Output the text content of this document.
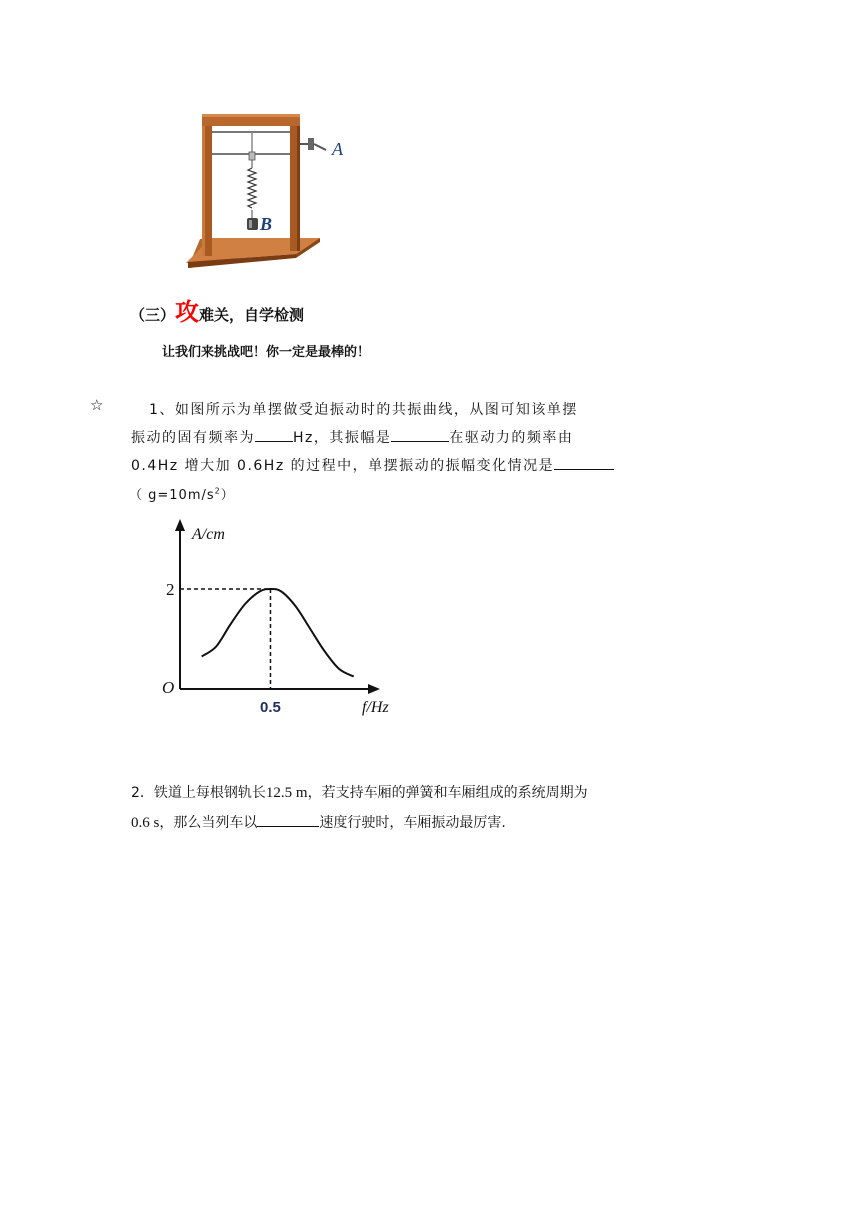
A
B
（三）攻难关，自学检测
让我们来挑战吧！你一定是最棒的！
☆	1、如图所示为单摆做受迫振动时的共振曲线，从图可知该单摆
振动的固有频率为	Hz，其振幅是	在驱动力的频率由
0.4Hz 增大加 0.6Hz 的过程中，单摆振动的振幅变化情况是
（ $g=10m/s^2$）
A/cm
f/Hz
O
0.5
2
2．铁道上每根钢轨长12.5 m，若支持车厢的弹簧和车厢组成的系统周期为
0.6 s，那么当列车以	速度行驶时，车厢振动最厉害.
